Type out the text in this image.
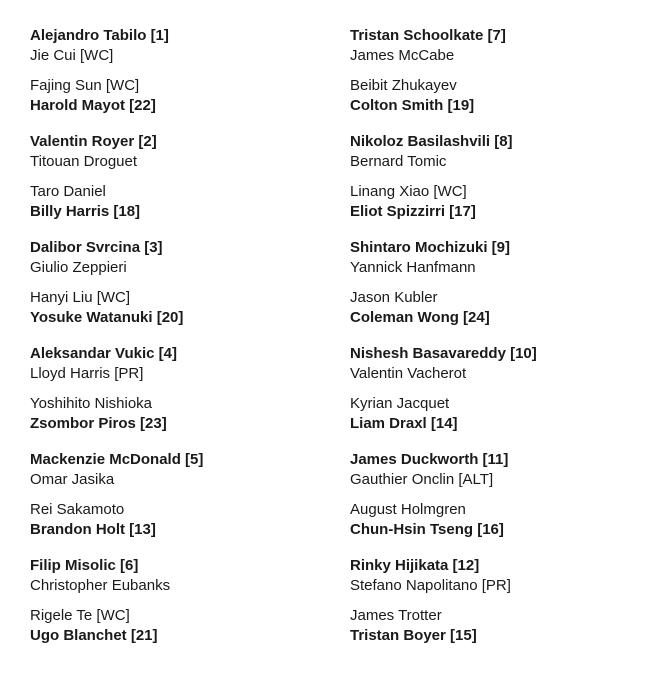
Alejandro Tabilo [1]
Jie Cui [WC]
Fajing Sun [WC]
Harold Mayot [22]
Valentin Royer [2]
Titouan Droguet
Taro Daniel
Billy Harris [18]
Dalibor Svrcina [3]
Giulio Zeppieri
Hanyi Liu [WC]
Yosuke Watanuki [20]
Aleksandar Vukic [4]
Lloyd Harris [PR]
Yoshihito Nishioka
Zsombor Piros [23]
Mackenzie McDonald [5]
Omar Jasika
Rei Sakamoto
Brandon Holt [13]
Filip Misolic [6]
Christopher Eubanks
Rigele Te [WC]
Ugo Blanchet [21]
Tristan Schoolkate [7]
James McCabe
Beibit Zhukayev
Colton Smith [19]
Nikoloz Basilashvili [8]
Bernard Tomic
Linang Xiao [WC]
Eliot Spizzirri [17]
Shintaro Mochizuki [9]
Yannick Hanfmann
Jason Kubler
Coleman Wong [24]
Nishesh Basavareddy [10]
Valentin Vacherot
Kyrian Jacquet
Liam Draxl [14]
James Duckworth [11]
Gauthier Onclin [ALT]
August Holmgren
Chun-Hsin Tseng [16]
Rinky Hijikata [12]
Stefano Napolitano [PR]
James Trotter
Tristan Boyer [15]
